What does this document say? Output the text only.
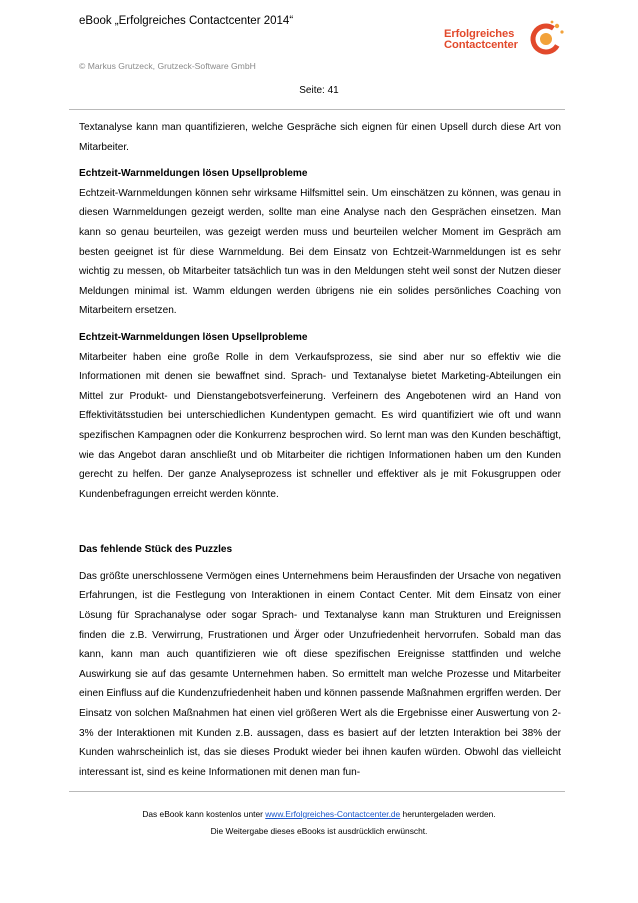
eBook „Erfolgreiches Contactcenter 2014“
© Markus Grutzeck, Grutzeck-Software GmbH
Erfolgreiches
Contactcenter
Seite: 41

Textanalyse kann man quantifizieren, welche Gespräche sich eignen für einen Upsell durch diese Art von Mitarbeiter.

Echtzeit-Warnmeldungen lösen Upsellprobleme

Echtzeit-Warnmeldungen können sehr wirksame Hilfsmittel sein. Um einschätzen zu können, was genau in diesen Warnmeldungen gezeigt werden, sollte man eine Analyse nach den Gesprächen einsetzen. Man kann so genau beurteilen, was gezeigt werden muss und beurteilen welcher Moment im Gespräch am besten geeignet ist für diese Warnmeldung. Bei dem Einsatz von Echtzeit-Warnmeldungen ist es sehr wichtig zu messen, ob Mitarbeiter tatsächlich tun was in den Meldungen steht weil sonst der Nutzen dieser Meldungen minimal ist. Wamm eldungen werden übrigens nie ein solides persönliches Coaching von Mitarbeitern ersetzen.

Echtzeit-Warnmeldungen lösen Upsellprobleme

Mitarbeiter haben eine große Rolle in dem Verkaufsprozess, sie sind aber nur so effektiv wie die Informationen mit denen sie bewaffnet sind. Sprach- und Textanalyse bietet Marketing-Abteilungen ein Mittel zur Produkt- und Dienstangebotsverfeinerung. Verfeinern des Angebotenen wird an Hand von Effektivitätsstudien bei unterschiedlichen Kundentypen gemacht. Es wird quantifiziert wie oft und wann spezifischen Kampagnen oder die Konkurrenz besprochen wird. So lernt man was den Kunden beschäftigt, wie das Angebot daran anschließt und ob Mitarbeiter die richtigen Informationen haben um den Kunden gerecht zu helfen. Der ganze Analyseprozess ist schneller und effektiver als je mit Fokusgruppen oder Kundenbefragungen erreicht werden könnte.

Das fehlende Stück des Puzzles

Das größte unerschlossene Vermögen eines Unternehmens beim Herausfinden der Ursache von negativen Erfahrungen, ist die Festlegung von Interaktionen in einem Contact Center. Mit dem Einsatz von einer Lösung für Sprachanalyse oder sogar Sprach- und Textanalyse kann man Strukturen und Ereignissen finden die z.B. Verwirrung, Frustrationen und Ärger oder Unzufriedenheit hervorrufen. Sobald man das kann, kann man auch quantifizieren wie oft diese spezifischen Ereignisse stattfinden und welche Auswirkung sie auf das gesamte Unternehmen haben. So ermittelt man welche Prozesse und Mitarbeiter einen Einfluss auf die Kundenzufriedenheit haben und können passende Maßnahmen ergriffen werden. Der Einsatz von solchen Maßnahmen hat einen viel größeren Wert als die Ergebnisse einer Auswertung von 2-3% der Interaktionen mit Kunden z.B. aussagen, dass es basiert auf der letzten Interaktion bei 38% der Kunden wahrscheinlich ist, das sie dieses Produkt wieder bei ihnen kaufen würden. Obwohl das vielleicht interessant ist, sind es keine Informationen mit denen man fun-

Das eBook kann kostenlos unter www.Erfolgreiches-Contactcenter.de heruntergeladen werden.
Die Weitergabe dieses eBooks ist ausdrücklich erwünscht.
